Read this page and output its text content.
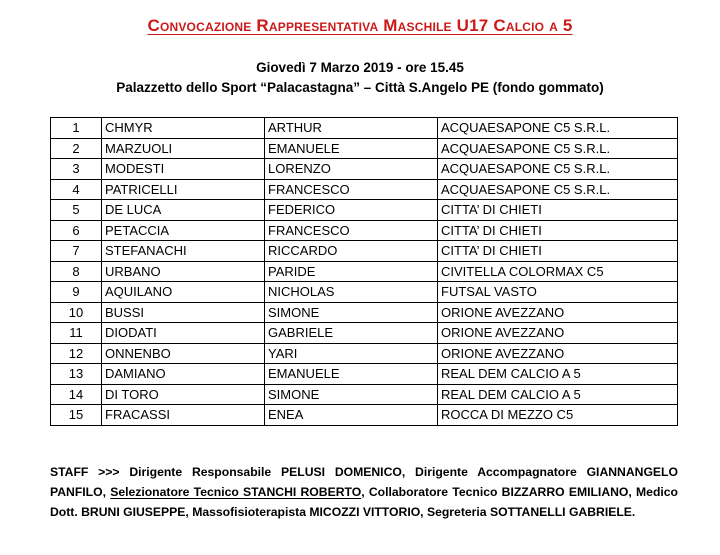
Convocazione Rappresentativa Maschile U17 Calcio a 5
Giovedì 7 Marzo 2019 - ore 15.45
Palazzetto dello Sport “Palacastagna” – Città S.Angelo PE (fondo gommato)
1	CHMYR	ARTHUR	ACQUAESAPONE C5 S.R.L.
2	MARZUOLI	EMANUELE	ACQUAESAPONE C5 S.R.L.
3	MODESTI	LORENZO	ACQUAESAPONE C5 S.R.L.
4	PATRICELLI	FRANCESCO	ACQUAESAPONE C5 S.R.L.
5	DE LUCA	FEDERICO	CITTA’ DI CHIETI
6	PETACCIA	FRANCESCO	CITTA’ DI CHIETI
7	STEFANACHI	RICCARDO	CITTA’ DI CHIETI
8	URBANO	PARIDE	CIVITELLA COLORMAX C5
9	AQUILANO	NICHOLAS	FUTSAL VASTO
10	BUSSI	SIMONE	ORIONE AVEZZANO
11	DIODATI	GABRIELE	ORIONE AVEZZANO
12	ONNENBO	YARI	ORIONE AVEZZANO
13	DAMIANO	EMANUELE	REAL DEM CALCIO A 5
14	DI TORO	SIMONE	REAL DEM CALCIO A 5
15	FRACASSI	ENEA	ROCCA DI MEZZO C5
STAFF >>> Dirigente Responsabile PELUSI DOMENICO, Dirigente Accompagnatore GIANNANGELO PANFILO, Selezionatore Tecnico STANCHI ROBERTO, Collaboratore Tecnico BIZZARRO EMILIANO, Medico Dott. BRUNI GIUSEPPE, Massofisioterapista MICOZZI VITTORIO, Segreteria SOTTANELLI GABRIELE.
